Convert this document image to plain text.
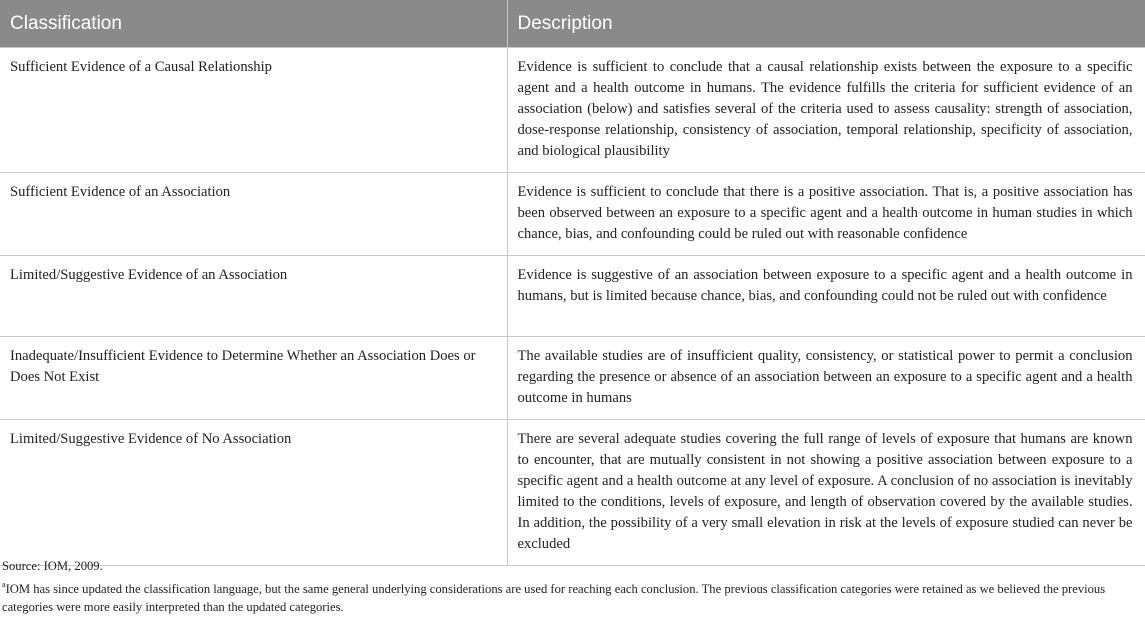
Classification	Description
Sufficient Evidence of a Causal Relationship	Evidence is sufficient to conclude that a causal relationship exists between the exposure to a specific agent and a health outcome in humans. The evidence fulfills the criteria for sufficient evidence of an association (below) and satisfies several of the criteria used to assess causality: strength of association, dose-response relationship, consistency of association, temporal relationship, specificity of association, and biological plausibility
Sufficient Evidence of an Association	Evidence is sufficient to conclude that there is a positive association. That is, a positive association has been observed between an exposure to a specific agent and a health outcome in human studies in which chance, bias, and confounding could be ruled out with reasonable confidence
Limited/Suggestive Evidence of an Association	Evidence is suggestive of an association between exposure to a specific agent and a health outcome in humans, but is limited because chance, bias, and confounding could not be ruled out with confidence
Inadequate/Insufficient Evidence to Determine Whether an Association Does or Does Not Exist	The available studies are of insufficient quality, consistency, or statistical power to permit a conclusion regarding the presence or absence of an association between an exposure to a specific agent and a health outcome in humans
Limited/Suggestive Evidence of No Association	There are several adequate studies covering the full range of levels of exposure that humans are known to encounter, that are mutually consistent in not showing a positive association between exposure to a specific agent and a health outcome at any level of exposure. A conclusion of no association is inevitably limited to the conditions, levels of exposure, and length of observation covered by the available studies. In addition, the possibility of a very small elevation in risk at the levels of exposure studied can never be excluded

Source: IOM, 2009.

$^a$IOM has since updated the classification language, but the same general underlying considerations are used for reaching each conclusion. The previous classification categories were retained as we believed the previous categories were more easily interpreted than the updated categories.
